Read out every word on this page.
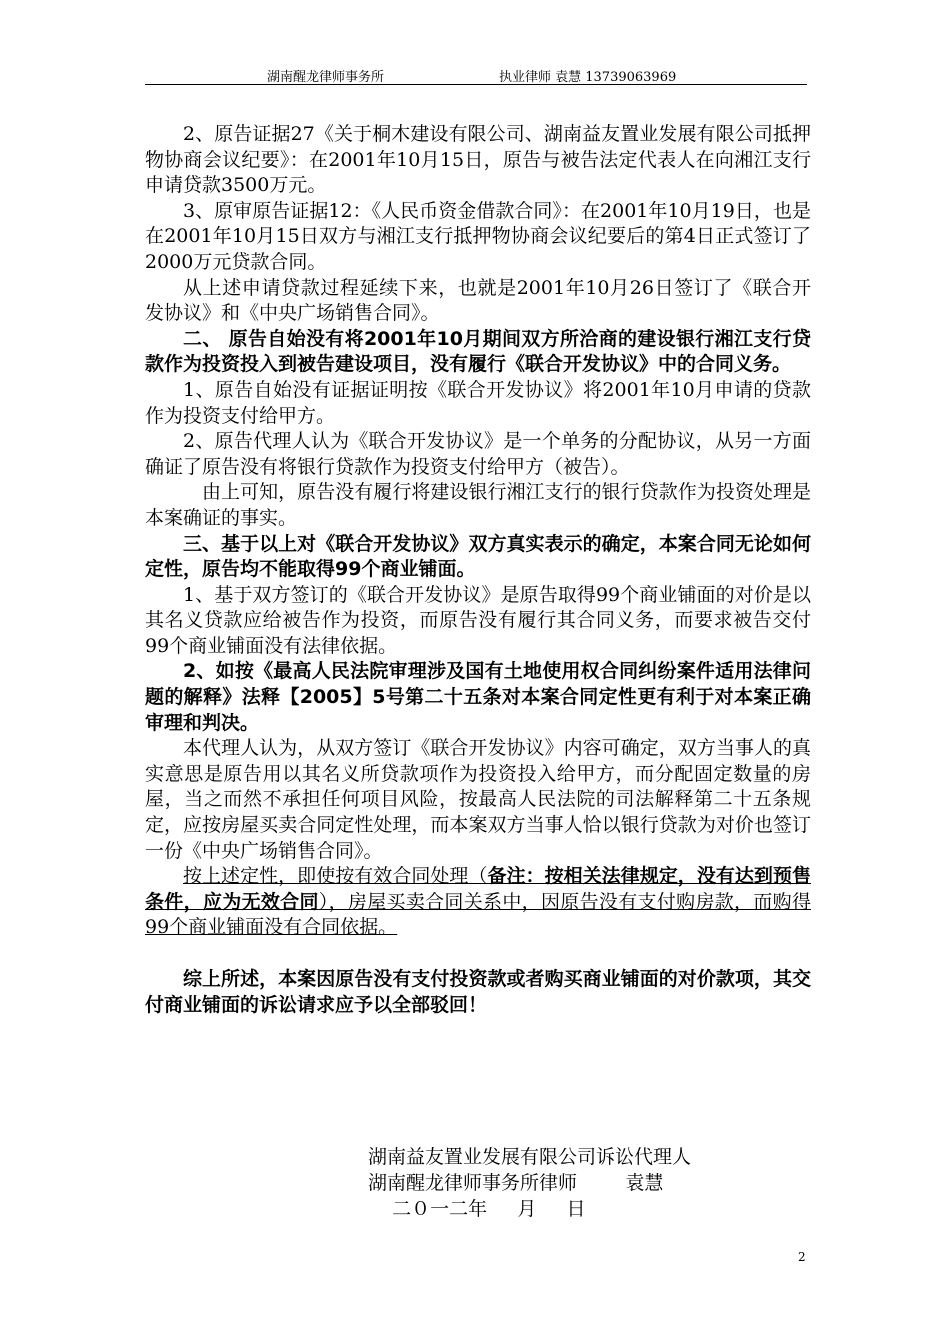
湖南醒龙律师事务所	执业律师 袁慧 13739063969

2、原告证据27《关于桐木建设有限公司、湖南益友置业发展有限公司抵押物协商会议纪要》：在2001年10月15日，原告与被告法定代表人在向湘江支行申请贷款3500万元。

3、原审原告证据12：《人民币资金借款合同》：在2001年10月19日，也是在2001年10月15日双方与湘江支行抵押物协商会议纪要后的第4日正式签订了2000万元贷款合同。

从上述申请贷款过程延续下来，也就是2001年10月26日签订了《联合开发协议》和《中央广场销售合同》。

二、 原告自始没有将2001年10月期间双方所洽商的建设银行湘江支行贷款作为投资投入到被告建设项目，没有履行《联合开发协议》中的合同义务。

1、原告自始没有证据证明按《联合开发协议》将2001年10月申请的贷款作为投资支付给甲方。

2、原告代理人认为《联合开发协议》是一个单务的分配协议，从另一方面确证了原告没有将银行贷款作为投资支付给甲方（被告）。

由上可知，原告没有履行将建设银行湘江支行的银行贷款作为投资处理是本案确证的事实。

三、基于以上对《联合开发协议》双方真实表示的确定，本案合同无论如何定性，原告均不能取得99个商业铺面。

1、基于双方签订的《联合开发协议》是原告取得99个商业铺面的对价是以其名义贷款应给被告作为投资，而原告没有履行其合同义务，而要求被告交付99个商业铺面没有法律依据。

2、如按《最高人民法院审理涉及国有土地使用权合同纠纷案件适用法律问题的解释》法释【2005】5号第二十五条对本案合同定性更有利于对本案正确审理和判决。

本代理人认为，从双方签订《联合开发协议》内容可确定，双方当事人的真实意思是原告用以其名义所贷款项作为投资投入给甲方，而分配固定数量的房屋，当之而然不承担任何项目风险，按最高人民法院的司法解释第二十五条规定，应按房屋买卖合同定性处理，而本案双方当事人恰以银行贷款为对价也签订一份《中央广场销售合同》。

按上述定性，即使按有效合同处理（备注：按相关法律规定，没有达到预售条件，应为无效合同），房屋买卖合同关系中，因原告没有支付购房款，而购得99个商业铺面没有合同依据。

综上所述，本案因原告没有支付投资款或者购买商业铺面的对价款项，其交付商业铺面的诉讼请求应予以全部驳回！

湖南益友置业发展有限公司诉讼代理人
湖南醒龙律师事务所律师        袁慧
二０一二年     月     日
2
